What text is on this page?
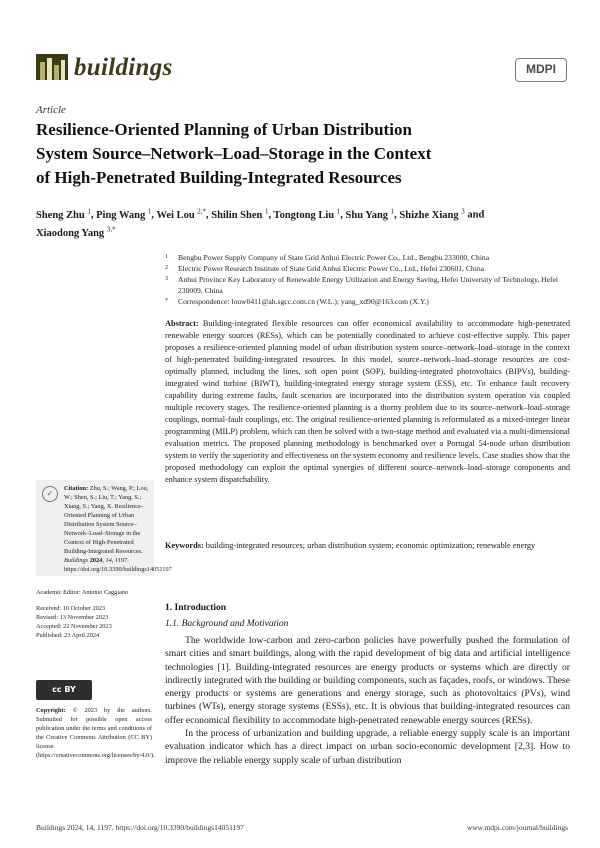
buildings	MDPI
Article
Resilience-Oriented Planning of Urban Distribution
System Source–Network–Load–Storage in the Context
of High-Penetrated Building-Integrated Resources
Sheng Zhu $^1$, Ping Wang $^1$, Wei Lou $^{2,*}$, Shilin Shen $^1$, Tongtong Liu $^1$, Shu Yang $^1$, Shizhe Xiang $^3$ and
Xiaodong Yang $^{3,*}$
1	Bengbu Power Supply Company of State Grid Anhui Electric Power Co., Ltd., Bengbu 233000, China
2	Electric Power Research Institute of State Grid Anhui Electric Power Co., Ltd., Hefei 230601, China
3	Anhui Province Key Laboratory of Renewable Energy Utilization and Energy Saving, Hefei University of Technology, Hefei 230009, China
*	Correspondence: louw0411@ah.sgcc.com.cn (W.L.); yang_xd90@163.com (X.Y.)
Abstract: Building-integrated flexible resources can offer economical availability to accommodate high-penetrated renewable energy sources (RESs), which can be potentially coordinated to achieve cost-effective supply. This paper proposes a resilience-oriented planning model of urban distribution system source–network–load–storage in the context of high-penetrated building-integrated resources. In this model, source–network–load–storage resources are cost-optimally planned, including the lines, soft open point (SOP), building-integrated photovoltaics (BIPVs), building-integrated wind turbine (BIWT), building-integrated energy storage system (ESS), etc. To enhance fault recovery capability during extreme faults, fault scenarios are incorporated into the distribution system operation via coupled multiple recovery stages. The resilience-oriented planning is a thorny problem due to its source–network–load–storage couplings, normal-fault couplings, etc. The original resilience-oriented planning is reformulated as a mixed-integer linear programming (MILP) problem, which can then be solved with a two-stage method and evaluated via a multi-dimensional evaluation metrics. The proposed planning methodology is benchmarked over a Portugal 54-node urban distribution system to verify the superiority and effectiveness on the system economy and resilience levels. Case studies show that the proposed methodology can exploit the optimal synergies of different source–network–load–storage components and enhance system dispatchability.
Keywords: building-integrated resources; urban distribution system; economic optimization; renewable energy
✓
Citation: Zhu, S.; Wang, P.; Lou, W.; Shen, S.; Liu, T.; Yang, S.; Xiang, S.; Yang, X. Resilience-Oriented Planning of Urban Distribution System Source–Network–Load–Storage in the Context of High-Penetrated Building-Integrated Resources. Buildings 2024, 14, 1197. https://doi.org/10.3390/buildings14051197
Academic Editor: Antonio Caggiano
Received: 10 October 2023
Revised: 13 November 2023
Accepted: 22 November 2023
Published: 23 April 2024
cc BY
Copyright: © 2023 by the authors. Submitted for possible open access publication under the terms and conditions of the Creative Commons Attribution (CC BY) license (https://creativecommons.org/licenses/by/4.0/).
1. Introduction
1.1. Background and Motivation

The worldwide low-carbon and zero-carbon policies have powerfully pushed the formulation of smart cities and smart buildings, along with the rapid development of big data and artificial intelligence technologies [1]. Building-integrated resources are energy products or systems which are directly or indirectly integrated with the building or building components, such as façades, roofs, or windows. These energy products or systems are generations and energy storage, such as photovoltaics (PVs), wind turbines (WTs), energy storage systems (ESSs), etc. It is obvious that building-integrated resources can offer economical flexibility to accommodate high-penetrated renewable energy sources (RESs).

In the process of urbanization and building upgrade, a reliable energy supply scale is an important evaluation indicator which has a direct impact on urban socio-economic development [2,3]. How to improve the reliable energy supply scale of urban distribution

Buildings 2024, 14, 1197. https://doi.org/10.3390/buildings14051197	www.mdpi.com/journal/buildings
